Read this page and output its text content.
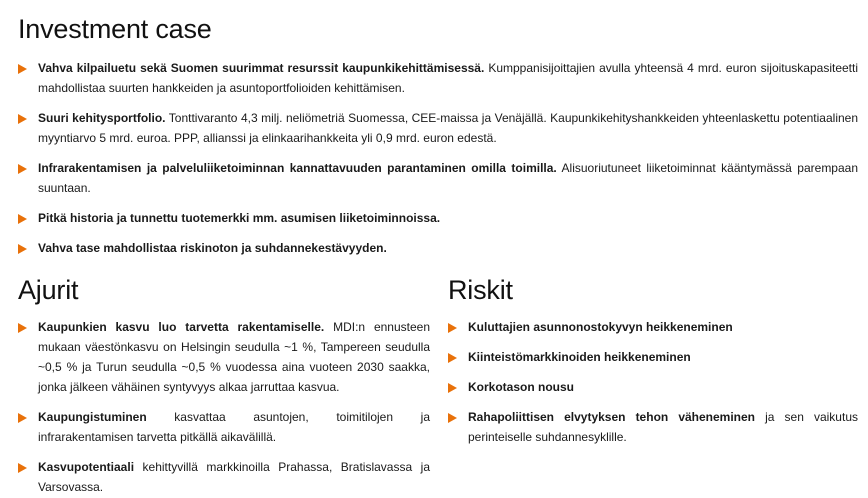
Investment case
Vahva kilpailuetu sekä Suomen suurimmat resurssit kaupunkikehittämisessä. Kumppanisijoittajien avulla yhteensä 4 mrd. euron sijoituskapasiteetti mahdollistaa suurten hankkeiden ja asuntoportfolioiden kehittämisen.
Suuri kehitysportfolio. Tonttivaranto 4,3 milj. neliömetriä Suomessa, CEE-maissa ja Venäjällä. Kaupunkikehityshankkeiden yhteenlaskettu potentiaalinen myyntiarvo 5 mrd. euroa. PPP, allianssi ja elinkaarihankkeita yli 0,9 mrd. euron edestä.
Infrarakentamisen ja palveluliiketoiminnan kannattavuuden parantaminen omilla toimilla. Alisuoriutuneet liiketoiminnat kääntymässä parempaan suuntaan.
Pitkä historia ja tunnettu tuotemerkki mm. asumisen liiketoiminnoissa.
Vahva tase mahdollistaa riskinoton ja suhdannekestävyyden.
Ajurit
Kaupunkien kasvu luo tarvetta rakentamiselle. MDI:n ennusteen mukaan väestönkasvu on Helsingin seudulla ~1 %, Tampereen seudulla ~0,5 % ja Turun seudulla ~0,5 % vuodessa aina vuoteen 2030 saakka, jonka jälkeen vähäinen syntyvyys alkaa jarruttaa kasvua.
Kaupungistuminen kasvattaa asuntojen, toimitilojen ja infrarakentamisen tarvetta pitkällä aikavälillä.
Kasvupotentiaali kehittyvillä markkinoilla Prahassa, Bratislavassa ja Varsovassa.
Riskit
Kuluttajien asunnonostokyvyn heikkeneminen
Kiinteistömarkkinoiden heikkeneminen
Korkotason nousu
Rahapoliittisen elvytyksen tehon väheneminen ja sen vaikutus perinteiselle suhdannesyklille.
